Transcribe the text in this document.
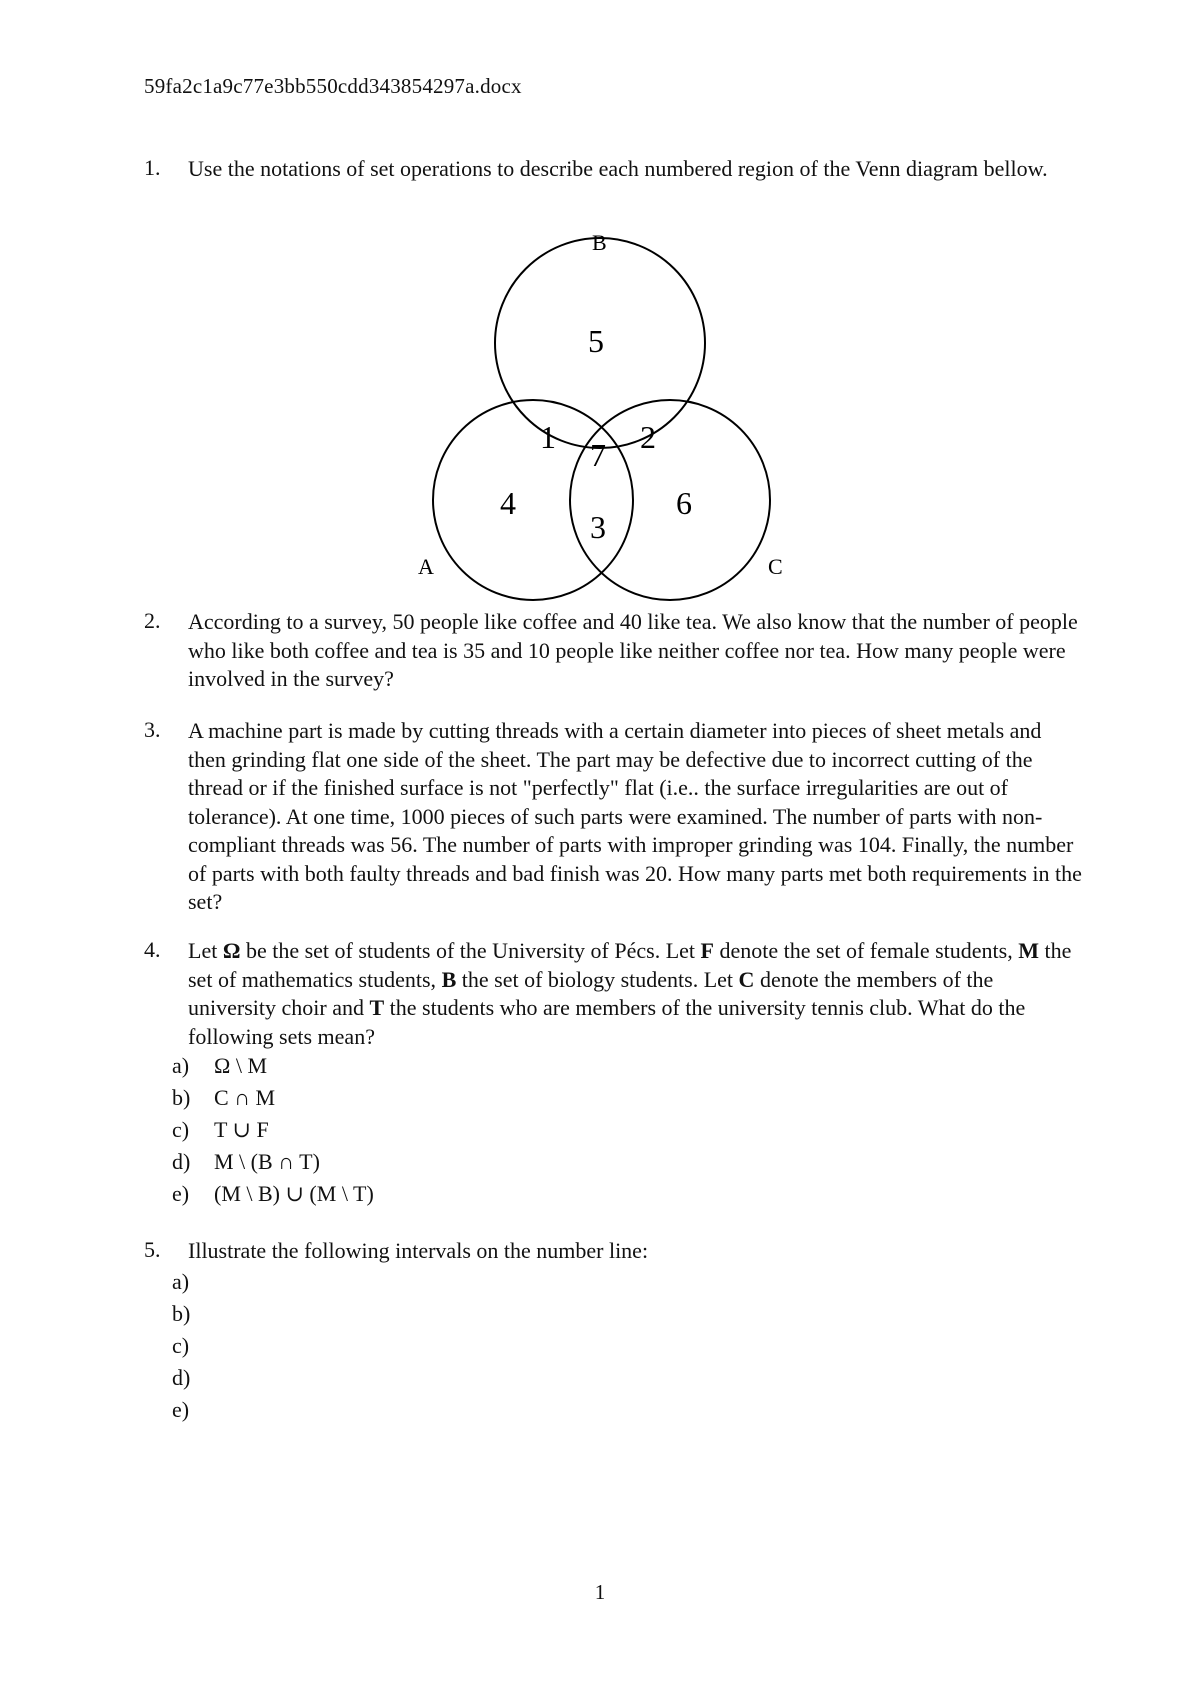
59fa2c1a9c77e3bb550cdd343854297a.docx
1. Use the notations of set operations to describe each numbered region of the Venn diagram bellow.
B
A	C
5
1	2
7
4	6
3
2. According to a survey, 50 people like coffee and 40 like tea. We also know that the number of people who like both coffee and tea is 35 and 10 people like neither coffee nor tea. How many people were involved in the survey?
3. A machine part is made by cutting threads with a certain diameter into pieces of sheet metals and then grinding flat one side of the sheet. The part may be defective due to incorrect cutting of the thread or if the finished surface is not "perfectly" flat (i.e.. the surface irregularities are out of tolerance). At one time, 1000 pieces of such parts were examined. The number of parts with non-compliant threads was 56. The number of parts with improper grinding was 104. Finally, the number of parts with both faulty threads and bad finish was 20. How many parts met both requirements in the set?
4. Let Ω be the set of students of the University of Pécs. Let F denote the set of female students, M the set of mathematics students, B the set of biology students. Let C denote the members of the university choir and T the students who are members of the university tennis club. What do the following sets mean?
a) Ω \ M
b) C ∩ M
c) T ∪ F
d) M \ (B ∩ T)
e) (M \ B) ∪ (M \ T)
5. Illustrate the following intervals on the number line:
a)
b)
c)
d)
e)
1
